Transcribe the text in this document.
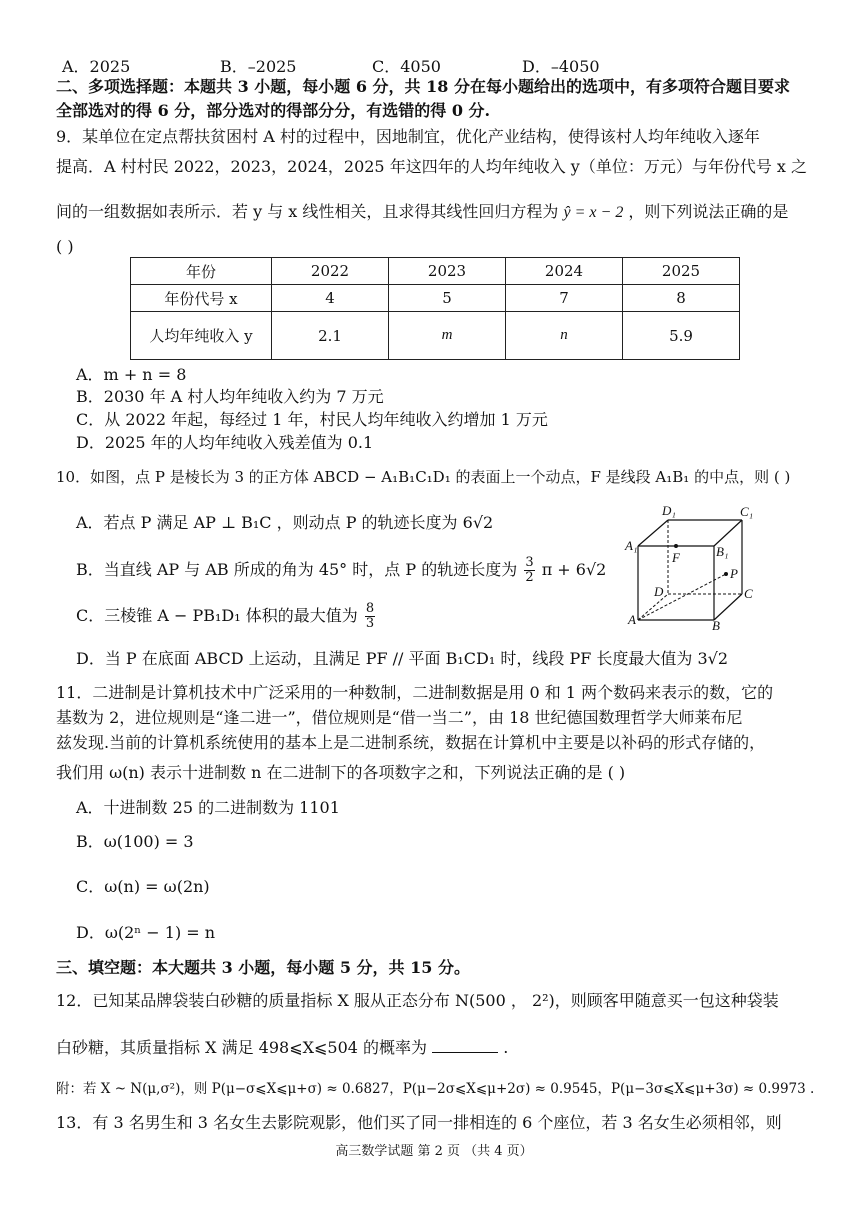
A．2025	B．–2025	C．4050	D．–4050
二、多项选择题：本题共 3 小题，每小题 6 分，共 18 分在每小题给出的选项中，有多项符合题目要求
全部选对的得 6 分，部分选对的得部分分，有选错的得 0 分.
9．某单位在定点帮扶贫困村 A 村的过程中，因地制宜，优化产业结构，使得该村人均年纯收入逐年
提高．A 村村民 2022，2023，2024，2025 年这四年的人均年纯收入 y（单位：万元）与年份代号 x 之
间的一组数据如表所示．若 y 与 x 线性相关，且求得其线性回归方程为 ŷ = x − 2 ，则下列说法正确的是
( )
年份	2022	2023	2024	2025
年份代号 x	4	5	7	8
人均年纯收入 y	2.1	m	n	5.9
A．m + n = 8
B．2030 年 A 村人均年纯收入约为 7 万元
C．从 2022 年起，每经过 1 年，村民人均年纯收入约增加 1 万元
D．2025 年的人均年纯收入残差值为 0.1
10．如图，点 P 是棱长为 3 的正方体 ABCD − A₁B₁C₁D₁ 的表面上一个动点，F 是线段 A₁B₁ 的中点，则 ( )
A．若点 P 满足 AP ⊥ B₁C ，则动点 P 的轨迹长度为 6√2
B．当直线 AP 与 AB 所成的角为 45° 时，点 P 的轨迹长度为 $\frac{3}{2}$ π + 6√2
C．三棱锥 A − PB₁D₁ 体积的最大值为 $\frac{8}{3}$
D．当 P 在底面 ABCD 上运动，且满足 PF // 平面 B₁CD₁ 时，线段 PF 长度最大值为 3√2
D₁	C₁
A₁	B₁
F
P
D	C
A	B
11．二进制是计算机技术中广泛采用的一种数制，二进制数据是用 0 和 1 两个数码来表示的数，它的
基数为 2，进位规则是“逢二进一”，借位规则是“借一当二”，由 18 世纪德国数理哲学大师莱布尼
兹发现.当前的计算机系统使用的基本上是二进制系统，数据在计算机中主要是以补码的形式存储的，
我们用 ω(n) 表示十进制数 n 在二进制下的各项数字之和，下列说法正确的是 ( )
A．十进制数 25 的二进制数为 1101
B．ω(100) = 3
C．ω(n) = ω(2n)
D．ω(2ⁿ − 1) = n
三、填空题：本大题共 3 小题，每小题 5 分，共 15 分。
12．已知某品牌袋装白砂糖的质量指标 X 服从正态分布 N(500 ， 2²)，则顾客甲随意买一包这种袋装
白砂糖，其质量指标 X 满足 498⩽X⩽504 的概率为	.
附：若 X ~ N(μ,σ²)，则 P(μ−σ⩽X⩽μ+σ) ≈ 0.6827，P(μ−2σ⩽X⩽μ+2σ) ≈ 0.9545，P(μ−3σ⩽X⩽μ+3σ) ≈ 0.9973 .
13．有 3 名男生和 3 名女生去影院观影，他们买了同一排相连的 6 个座位，若 3 名女生必须相邻，则
高三数学试题 第 2 页 （共 4 页）
